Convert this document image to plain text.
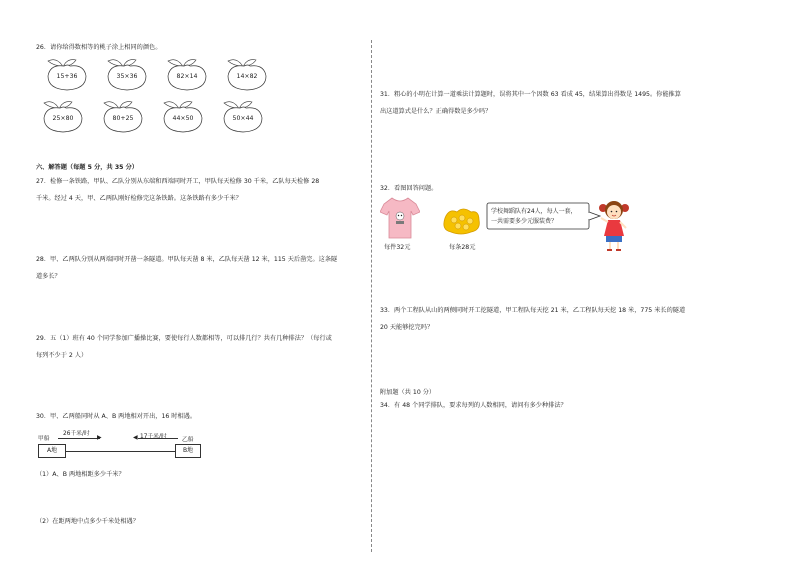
26．请你给得数相等的桃子涂上相同的颜色。
15+36	35×36	82×14	14×82
25×80	80+25	44×50	50×44
六、解答题（每题 5 分，共 35 分）
27．检修一条铁路，甲队、乙队分别从东端和西端同时开工，甲队每天检修 30 千米，乙队每天检修 28
千米。经过 4 天，甲、乙两队刚好检修完这条铁路。这条铁路有多少千米？
28．甲、乙两队分别从两端同时开凿一条隧道。甲队每天凿 8 米，乙队每天凿 12 米，115 天后凿完。这条隧
道多长？
29．五（1）班有 40 个同学参加广播操比赛，要使每行人数都相等，可以排几行？共有几种排法？（每行或
每列不少于 2 人）
30．甲、乙两船同时从 A、B 两地相对开出，16 时相遇。
甲船
26千米/时 ▶	17千米/时
◀	乙船
A地	B地
（1）A、B 两地相距多少千米？
（2）在距两地中点多少千米处相遇？
31．粗心的小明在计算一道乘法计算题时，误将其中一个因数 63 看成 45，结果算出得数是 1495。你能推算
出这道算式是什么？正确得数是多少吗？
32．看图回答问题。
每件32元	每条28元
学校舞蹈队有24人，每人一套，
一共需要多少元服装费？
33．两个工程队从山的两侧同时开工挖隧道，甲工程队每天挖 21 米，乙工程队每天挖 18 米，775 米长的隧道
20 天能够挖完吗？
附加题（共 10 分）
34．有 48 个同学排队，要求每列的人数相同，请问有多少种排法？
